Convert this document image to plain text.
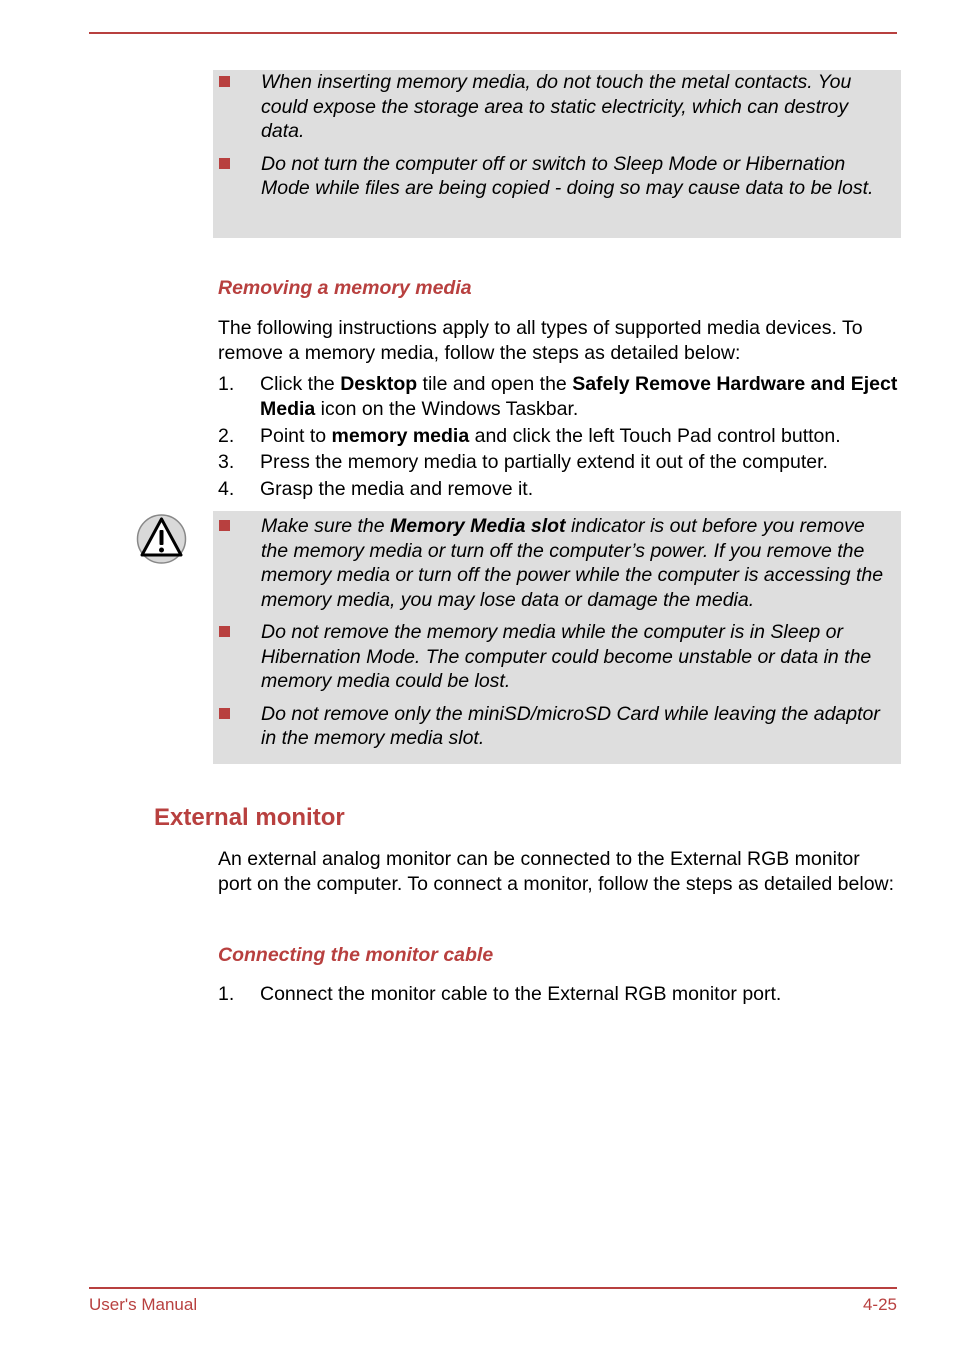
When inserting memory media, do not touch the metal contacts. You could expose the storage area to static electricity, which can destroy data.
Do not turn the computer off or switch to Sleep Mode or Hibernation Mode while files are being copied - doing so may cause data to be lost.
Removing a memory media
The following instructions apply to all types of supported media devices. To remove a memory media, follow the steps as detailed below:
1. Click the Desktop tile and open the Safely Remove Hardware and Eject Media icon on the Windows Taskbar.
2. Point to memory media and click the left Touch Pad control button.
3. Press the memory media to partially extend it out of the computer.
4. Grasp the media and remove it.
Make sure the Memory Media slot indicator is out before you remove the memory media or turn off the computer’s power. If you remove the memory media or turn off the power while the computer is accessing the memory media, you may lose data or damage the media.
Do not remove the memory media while the computer is in Sleep or Hibernation Mode. The computer could become unstable or data in the memory media could be lost.
Do not remove only the miniSD/microSD Card while leaving the adaptor in the memory media slot.
External monitor
An external analog monitor can be connected to the External RGB monitor port on the computer. To connect a monitor, follow the steps as detailed below:
Connecting the monitor cable
1. Connect the monitor cable to the External RGB monitor port.
User's Manual	4-25
